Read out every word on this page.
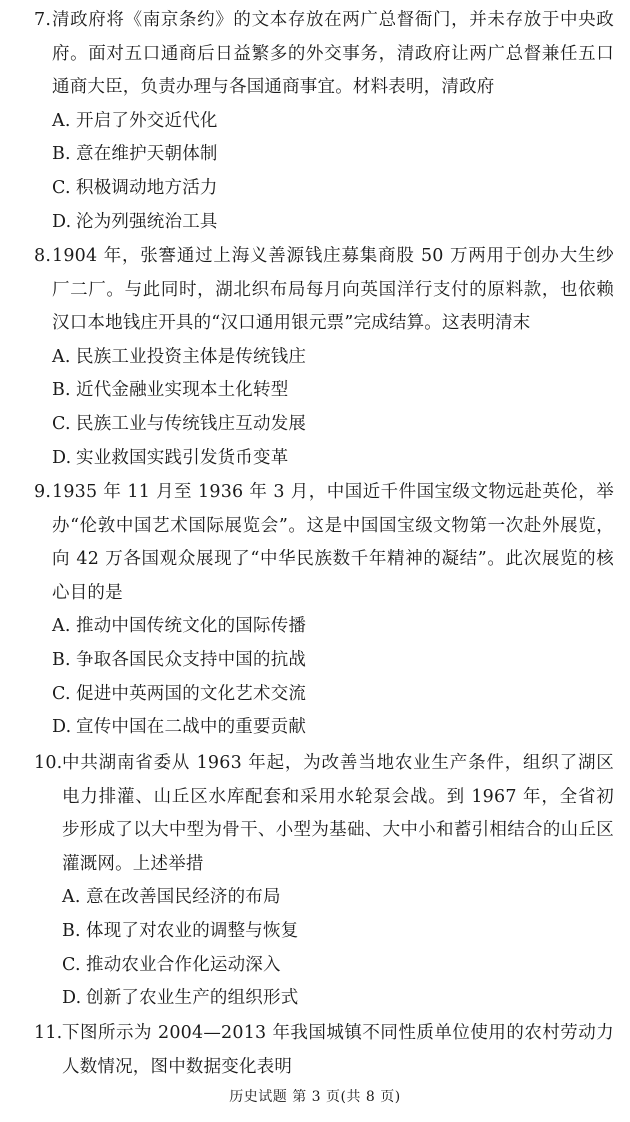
7. 清政府将《南京条约》的文本存放在两广总督衙门，并未存放于中央政府。面对五口通商后日益繁多的外交事务，清政府让两广总督兼任五口通商大臣，负责办理与各国通商事宜。材料表明，清政府
A. 开启了外交近代化
B. 意在维护天朝体制
C. 积极调动地方活力
D. 沦为列强统治工具
8. 1904 年，张謇通过上海义善源钱庄募集商股 50 万两用于创办大生纱厂二厂。与此同时，湖北织布局每月向英国洋行支付的原料款，也依赖汉口本地钱庄开具的“汉口通用银元票”完成结算。这表明清末
A. 民族工业投资主体是传统钱庄
B. 近代金融业实现本土化转型
C. 民族工业与传统钱庄互动发展
D. 实业救国实践引发货币变革
9. 1935 年 11 月至 1936 年 3 月，中国近千件国宝级文物远赴英伦，举办“伦敦中国艺术国际展览会”。这是中国国宝级文物第一次赴外展览，向 42 万各国观众展现了“中华民族数千年精神的凝结”。此次展览的核心目的是
A. 推动中国传统文化的国际传播
B. 争取各国民众支持中国的抗战
C. 促进中英两国的文化艺术交流
D. 宣传中国在二战中的重要贡献
10. 中共湖南省委从 1963 年起，为改善当地农业生产条件，组织了湖区电力排灌、山丘区水库配套和采用水轮泵会战。到 1967 年，全省初步形成了以大中型为骨干、小型为基础、大中小和蓄引相结合的山丘区灌溉网。上述举措
A. 意在改善国民经济的布局
B. 体现了对农业的调整与恢复
C. 推动农业合作化运动深入
D. 创新了农业生产的组织形式
11. 下图所示为 2004—2013 年我国城镇不同性质单位使用的农村劳动力人数情况，图中数据变化表明
历史试题 第 3 页(共 8 页)
